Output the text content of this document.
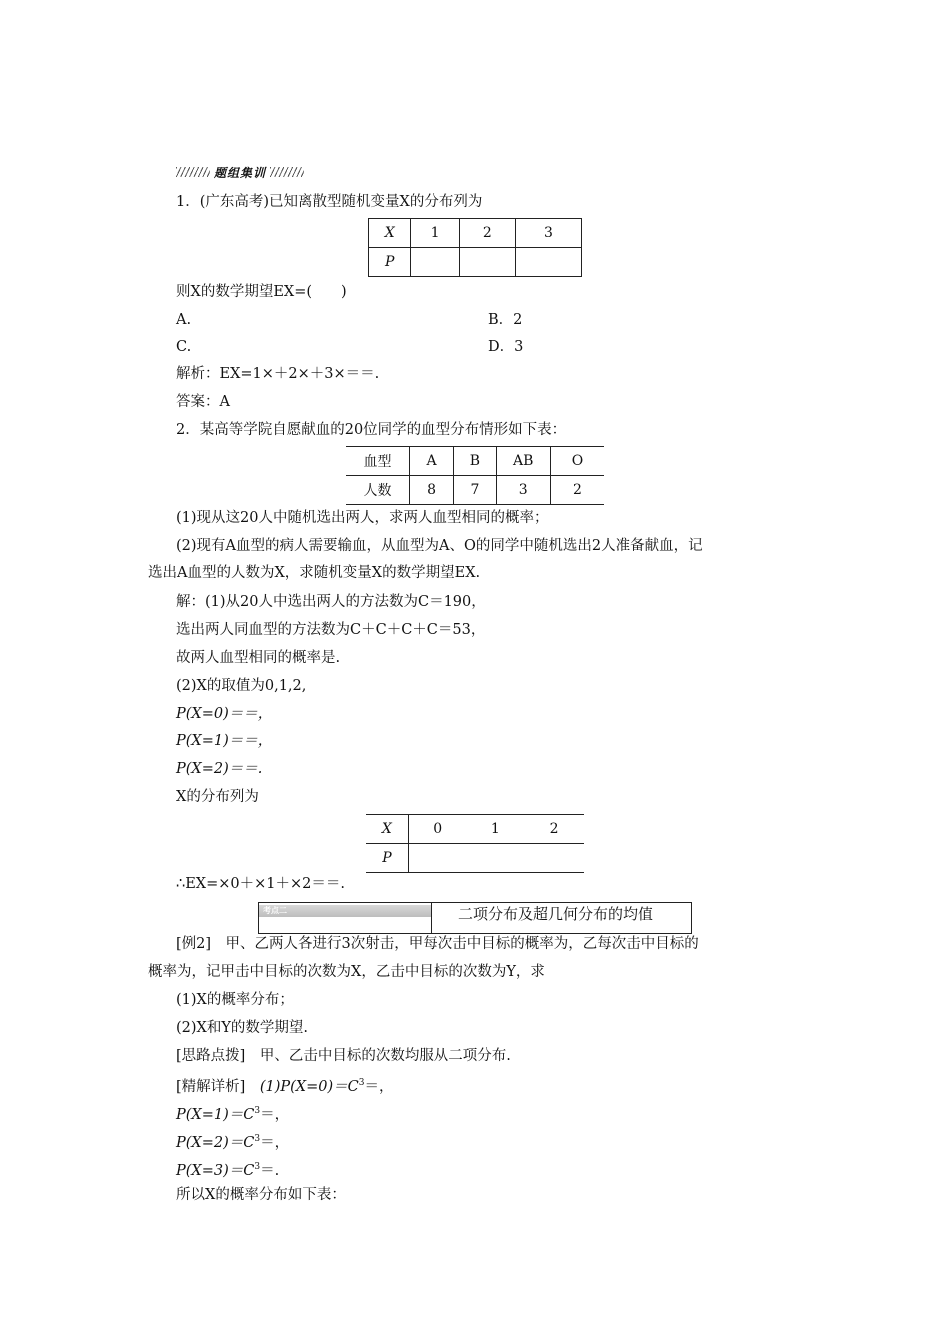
题组集训
1．(广东高考)已知离散型随机变量X的分布列为
X	1	2	3
P			
则X的数学期望EX=(　　)
A.	B．2
C.	D．3
解析：EX=1×＋2×＋3×＝＝.
答案：A
2．某高等学院自愿献血的20位同学的血型分布情形如下表：
血型	A	B	AB	O
人数	8	7	3	2
(1)现从这20人中随机选出两人，求两人血型相同的概率；
(2)现有A血型的病人需要输血，从血型为A、O的同学中随机选出2人准备献血，记
选出A血型的人数为X，求随机变量X的数学期望EX.
解：(1)从20人中选出两人的方法数为C＝190，
选出两人同血型的方法数为C＋C＋C＋C＝53，
故两人血型相同的概率是.
(2)X的取值为0,1,2,
P(X=0)＝＝，
P(X=1)＝＝，
P(X=2)＝＝.
X的分布列为
X	0	1	2
P			
∴EX=×0＋×1＋×2＝＝.
考点二	二项分布及超几何分布的均值
[例2]　甲、乙两人各进行3次射击，甲每次击中目标的概率为，乙每次击中目标的
概率为，记甲击中目标的次数为X，乙击中目标的次数为Y，求
(1)X的概率分布；
(2)X和Y的数学期望.
[思路点拨]　甲、乙击中目标的次数均服从二项分布.
[精解详析]　$(1)P(X=0)=C^3=$，
$P(X=1)=C^3=$，
$P(X=2)=C^3=$，
$P(X=3)=C^3=$.
所以X的概率分布如下表：
